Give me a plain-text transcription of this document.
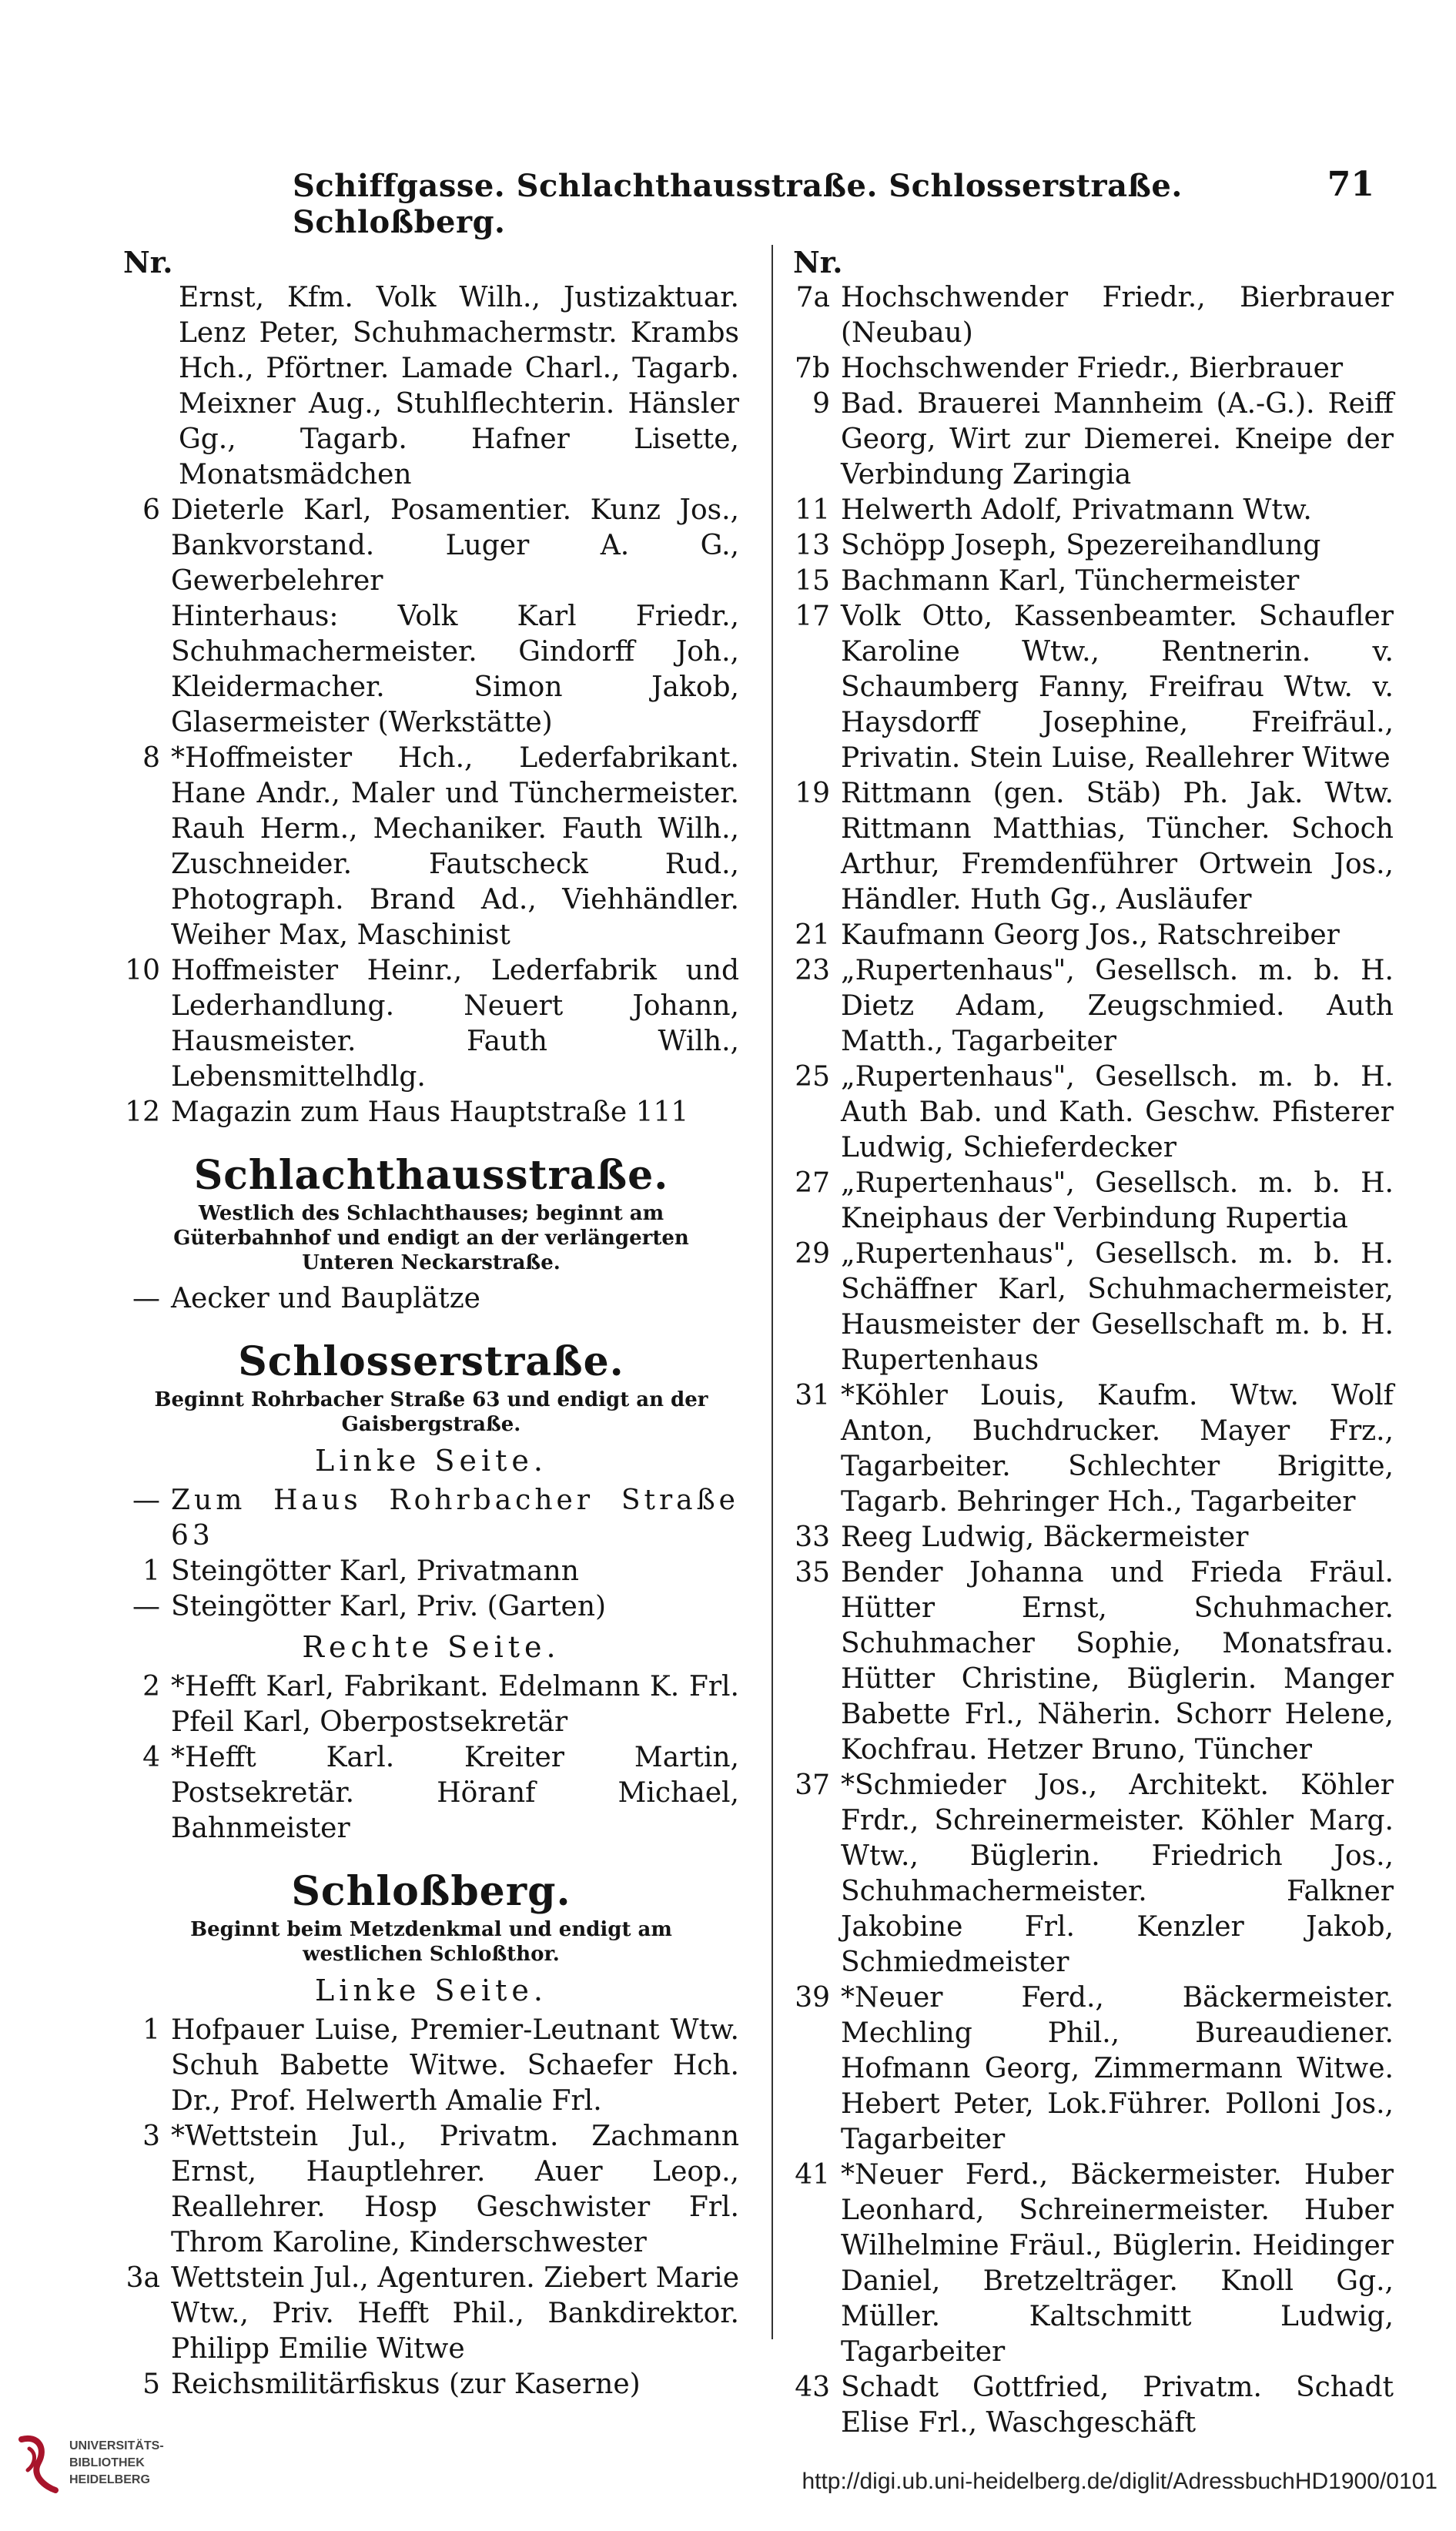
Schiffgasse. Schlachthausstraße. Schlosserstraße. Schloßberg.
71
Nr.
Ernst, Kfm. Volk Wilh., Justizaktuar. Lenz Peter, Schuhmachermstr. Krambs Hch., Pförtner. Lamade Charl., Tagarb. Meixner Aug., Stuhlflechterin. Hänsler Gg., Tagarb. Hafner Lisette, Monatsmädchen
6 Dieterle Karl, Posamentier. Kunz Jos., Bankvorstand. Luger A. G., Gewerbelehrer
Hinterhaus: Volk Karl Friedr., Schuhmachermeister. Gindorff Joh., Kleidermacher. Simon Jakob, Glasermeister (Werkstätte)
8 *Hoffmeister Hch., Lederfabrikant. Hane Andr., Maler und Tünchermeister. Rauh Herm., Mechaniker. Fauth Wilh., Zuschneider. Fautscheck Rud., Photograph. Brand Ad., Viehhändler. Weiher Max, Maschinist
10 Hoffmeister Heinr., Lederfabrik und Lederhandlung. Neuert Johann, Hausmeister. Fauth Wilh., Lebensmittelhdlg.
12 Magazin zum Haus Hauptstraße 111
Schlachthausstraße.
Westlich des Schlachthauses; beginnt am Güterbahnhof und endigt an der verlängerten Unteren Neckarstraße.
— Aecker und Bauplätze
Schlosserstraße.
Beginnt Rohrbacher Straße 63 und endigt an der Gaisbergstraße.
Linke Seite.
— Zum Haus Rohrbacher Straße 63
1 Steingötter Karl, Privatmann
— Steingötter Karl, Priv. (Garten)
Rechte Seite.
2 *Hefft Karl, Fabrikant. Edelmann K. Frl. Pfeil Karl, Oberpostsekretär
4 *Hefft Karl. Kreiter Martin, Postsekretär. Höranf Michael, Bahnmeister
Schloßberg.
Beginnt beim Metzdenkmal und endigt am westlichen Schloßthor.
Linke Seite.
1 Hofpauer Luise, Premier-Leutnant Wtw. Schuh Babette Witwe. Schaefer Hch. Dr., Prof. Helwerth Amalie Frl.
3 *Wettstein Jul., Privatm. Zachmann Ernst, Hauptlehrer. Auer Leop., Reallehrer. Hosp Geschwister Frl. Throm Karoline, Kinderschwester
3a Wettstein Jul., Agenturen. Ziebert Marie Wtw., Priv. Hefft Phil., Bankdirektor. Philipp Emilie Witwe
5 Reichsmilitärfiskus (zur Kaserne)
Nr.
7a Hochschwender Friedr., Bierbrauer (Neubau)
7b Hochschwender Friedr., Bierbrauer
9 Bad. Brauerei Mannheim (A.-G.). Reiff Georg, Wirt zur Diemerei. Kneipe der Verbindung Zaringia
11 Helwerth Adolf, Privatmann Wtw.
13 Schöpp Joseph, Spezereihandlung
15 Bachmann Karl, Tünchermeister
17 Volk Otto, Kassenbeamter. Schaufler Karoline Wtw., Rentnerin. v. Schaumberg Fanny, Freifrau Wtw. v. Haysdorff Josephine, Freifräul., Privatin. Stein Luise, Reallehrer Witwe
19 Rittmann (gen. Stäb) Ph. Jak. Wtw. Rittmann Matthias, Tüncher. Schoch Arthur, Fremdenführer Ortwein Jos., Händler. Huth Gg., Ausläufer
21 Kaufmann Georg Jos., Ratschreiber
23 „Rupertenhaus", Gesellsch. m. b. H. Dietz Adam, Zeugschmied. Auth Matth., Tagarbeiter
25 „Rupertenhaus", Gesellsch. m. b. H. Auth Bab. und Kath. Geschw. Pfisterer Ludwig, Schieferdecker
27 „Rupertenhaus", Gesellsch. m. b. H. Kneiphaus der Verbindung Rupertia
29 „Rupertenhaus", Gesellsch. m. b. H. Schäffner Karl, Schuhmachermeister, Hausmeister der Gesellschaft m. b. H. Rupertenhaus
31 *Köhler Louis, Kaufm. Wtw. Wolf Anton, Buchdrucker. Mayer Frz., Tagarbeiter. Schlechter Brigitte, Tagarb. Behringer Hch., Tagarbeiter
33 Reeg Ludwig, Bäckermeister
35 Bender Johanna und Frieda Fräul. Hütter Ernst, Schuhmacher. Schuhmacher Sophie, Monatsfrau. Hütter Christine, Büglerin. Manger Babette Frl., Näherin. Schorr Helene, Kochfrau. Hetzer Bruno, Tüncher
37 *Schmieder Jos., Architekt. Köhler Frdr., Schreinermeister. Köhler Marg. Wtw., Büglerin. Friedrich Jos., Schuhmachermeister. Falkner Jakobine Frl. Kenzler Jakob, Schmiedmeister
39 *Neuer Ferd., Bäckermeister. Mechling Phil., Bureaudiener. Hofmann Georg, Zimmermann Witwe. Hebert Peter, Lok.Führer. Polloni Jos., Tagarbeiter
41 *Neuer Ferd., Bäckermeister. Huber Leonhard, Schreinermeister. Huber Wilhelmine Fräul., Büglerin. Heidinger Daniel, Bretzelträger. Knoll Gg., Müller. Kaltschmitt Ludwig, Tagarbeiter
43 Schadt Gottfried, Privatm. Schadt Elise Frl., Waschgeschäft
UNIVERSITÄTS-
BIBLIOTHEK
HEIDELBERG	http://digi.ub.uni-heidelberg.de/diglit/AdressbuchHD1900/0101
